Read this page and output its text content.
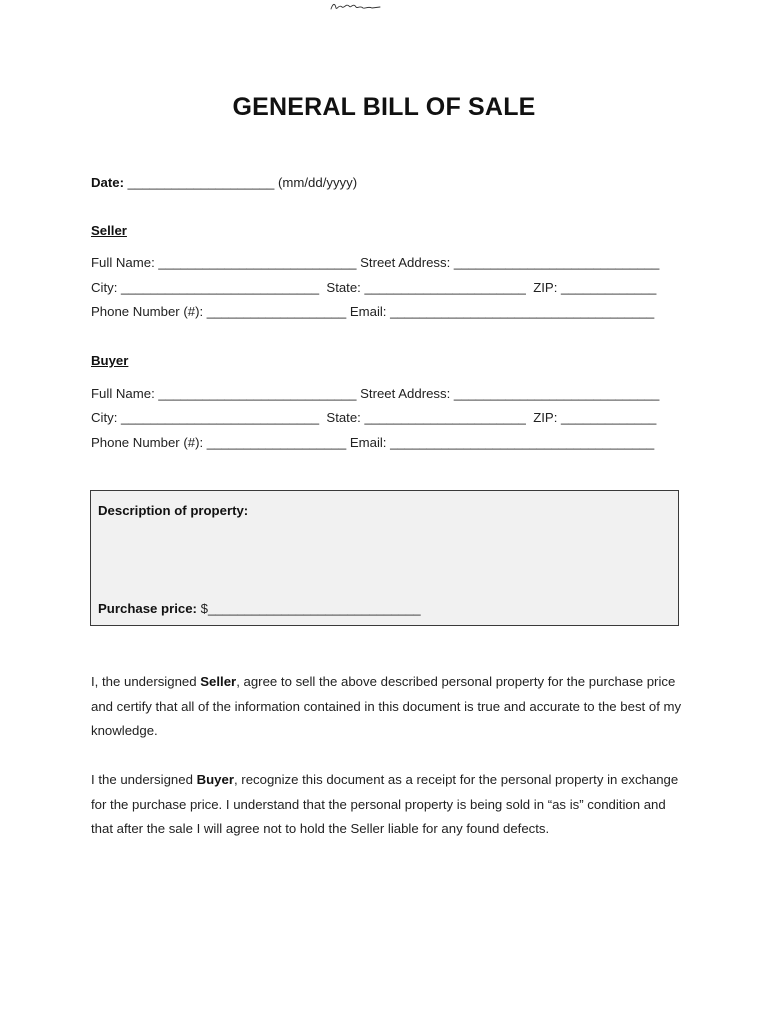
GENERAL BILL OF SALE
Date: ____________________ (mm/dd/yyyy)
Seller
Full Name: ___________________________ Street Address: ____________________________
City: ___________________________  State: ______________________  ZIP: _____________
Phone Number (#): ___________________ Email: ____________________________________
Buyer
Full Name: ___________________________ Street Address: ____________________________
City: ___________________________  State: ______________________  ZIP: _____________
Phone Number (#): ___________________ Email: ____________________________________
Description of property:
Purchase price: $_____________________________

I, the undersigned Seller, agree to sell the above described personal property for the purchase price and certify that all of the information contained in this document is true and accurate to the best of my knowledge.

I the undersigned Buyer, recognize this document as a receipt for the personal property in exchange for the purchase price. I understand that the personal property is being sold in “as is” condition and that after the sale I will agree not to hold the Seller liable for any found defects.
